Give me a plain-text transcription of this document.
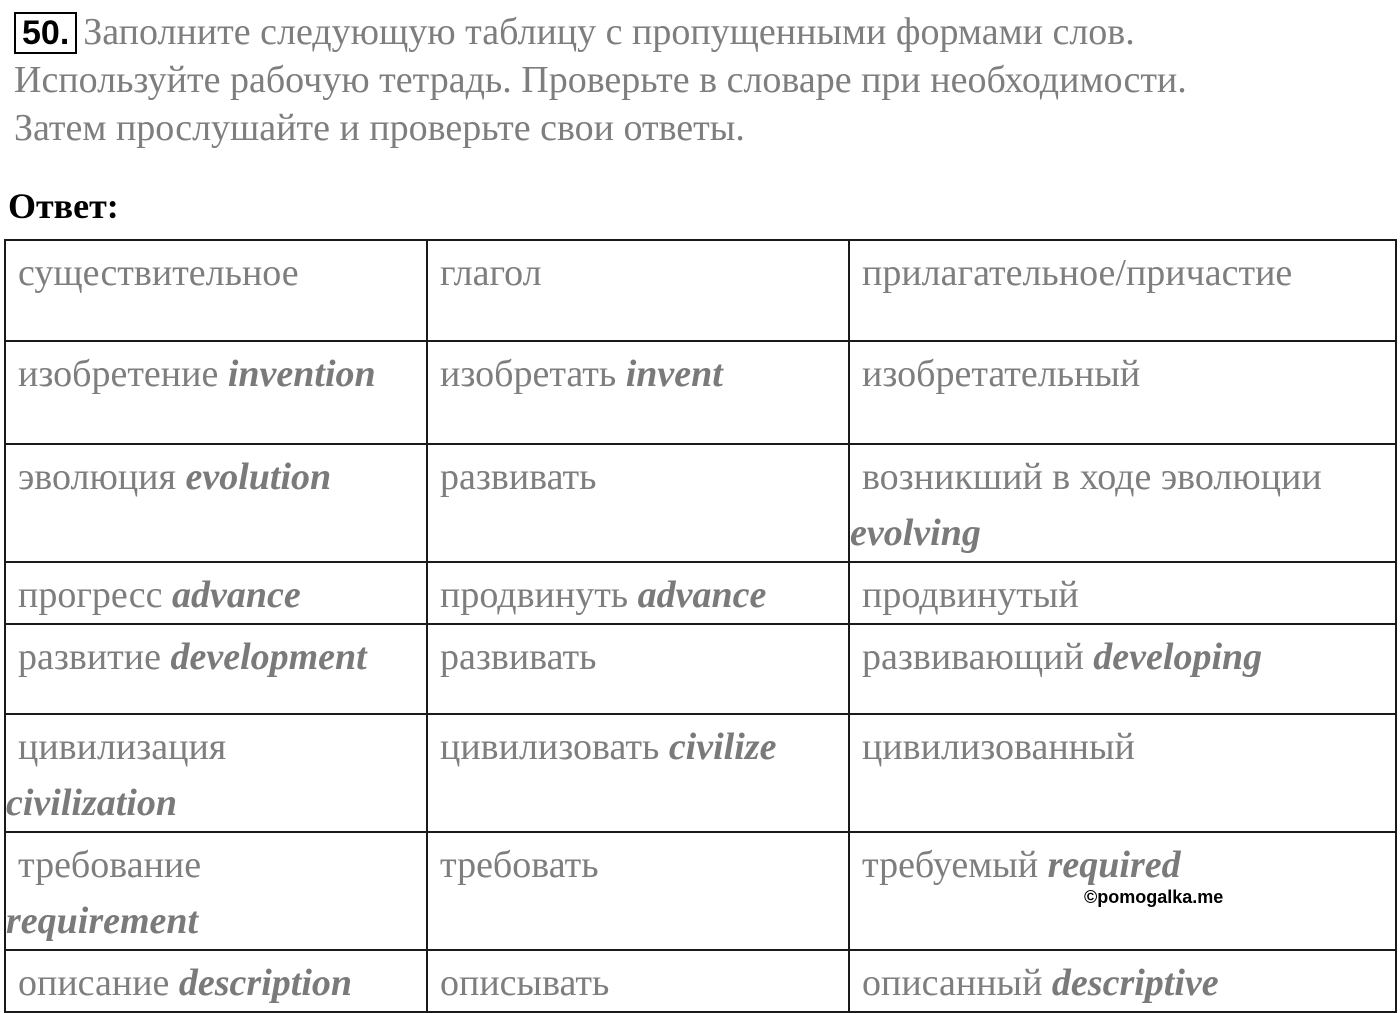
50. Заполните следующую таблицу с пропущенными формами слов.
Используйте рабочую тетрадь. Проверьте в словаре при необходимости.
Затем прослушайте и проверьте свои ответы.
Ответ:
существительное	глагол	прилагательное/причастие
изобретение invention	изобретать invent	изобретательный
эволюция evolution	развивать	возникший в ходе эволюции
evolving

прогресс advance	продвинуть advance	продвинутый
развитие development	развивать	развивающий developing
цивилизация
civilization	цивилизовать civilize	цивилизованный
требование
requirement	требовать	требуемый required
описание description	описывать	описанный descriptive
©pomogalka.me
